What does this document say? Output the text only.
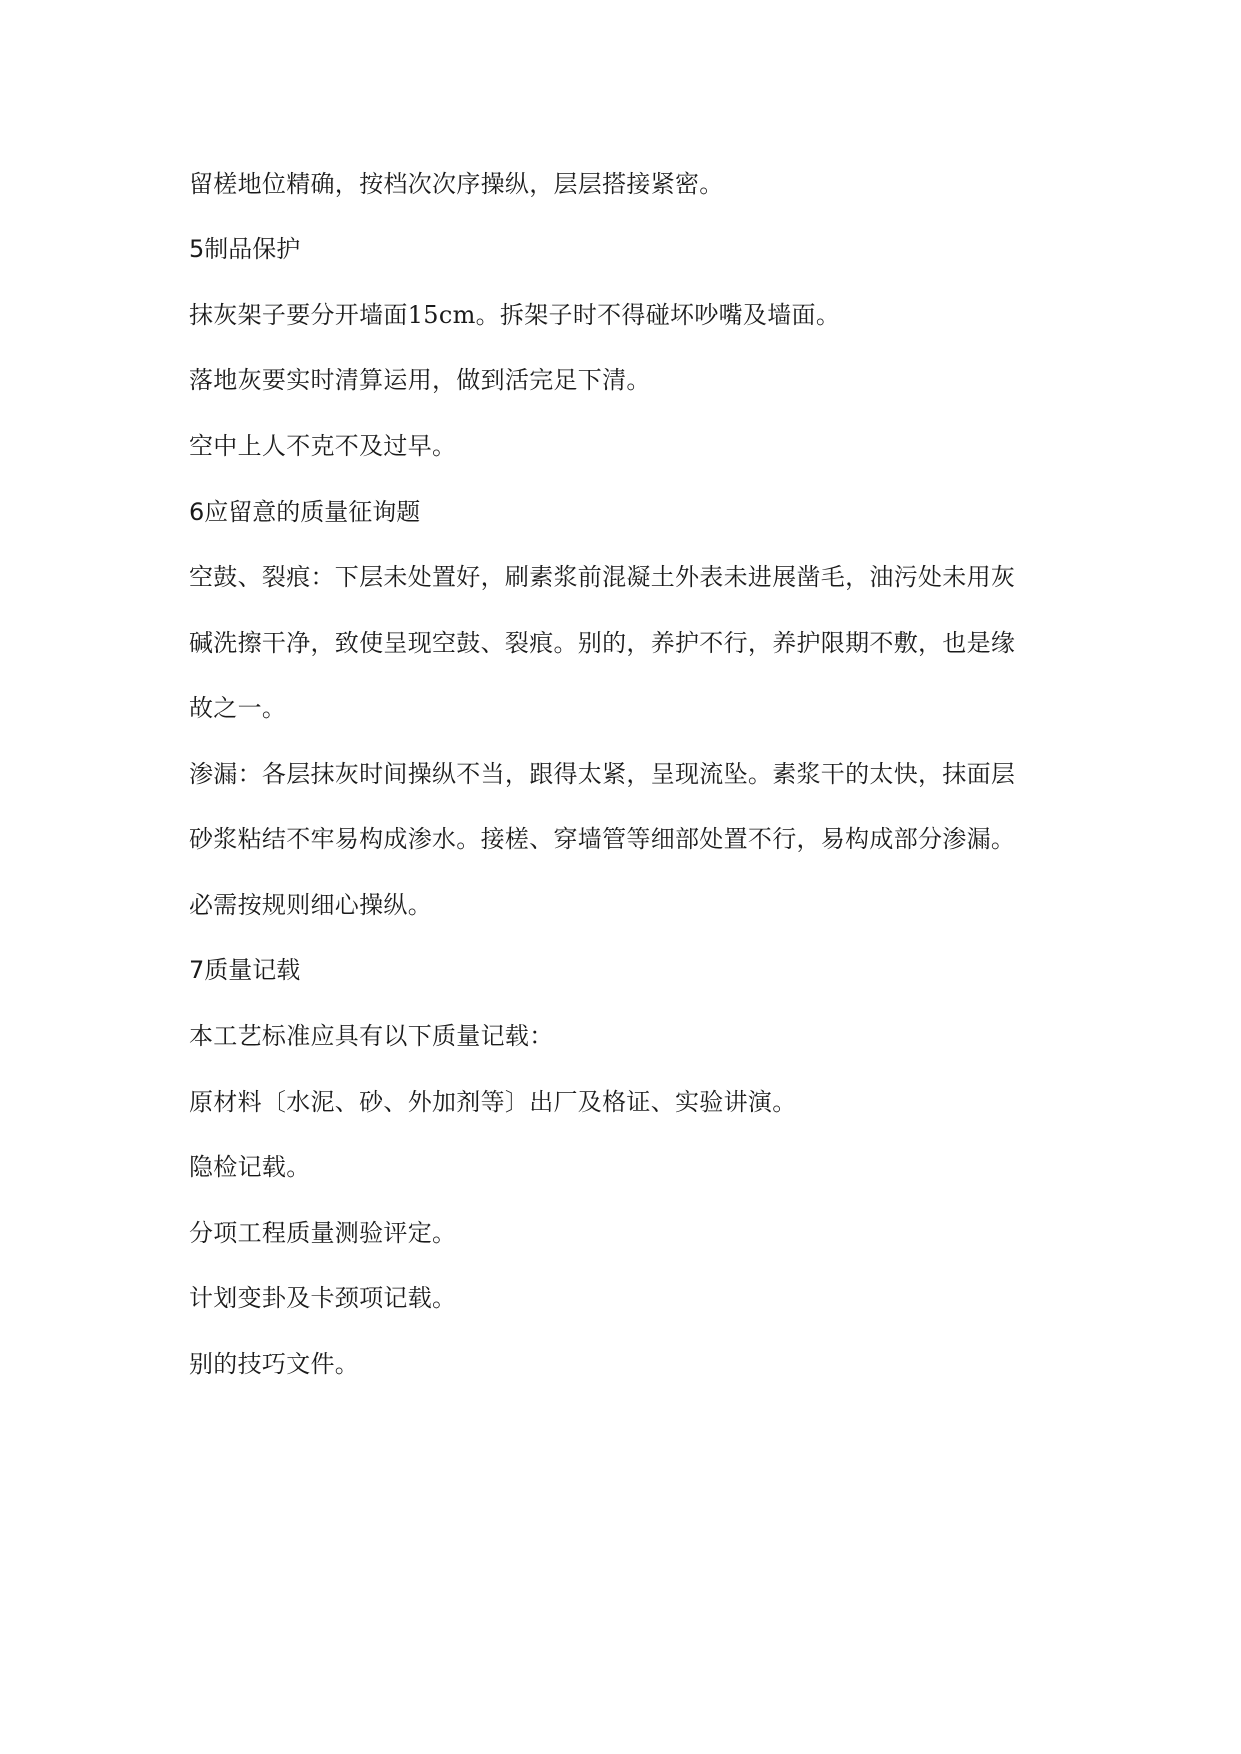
留槎地位精确，按档次次序操纵，层层搭接紧密。
5制品保护
抹灰架子要分开墙面15cm。拆架子时不得碰坏吵嘴及墙面。
落地灰要实时清算运用，做到活完足下清。
空中上人不克不及过早。
6应留意的质量征询题
空鼓、裂痕：下层未处置好，刷素浆前混凝土外表未进展凿毛，油污处未用灰
碱洗擦干净，致使呈现空鼓、裂痕。别的，养护不行，养护限期不敷，也是缘
故之一。
渗漏：各层抹灰时间操纵不当，跟得太紧，呈现流坠。素浆干的太快，抹面层
砂浆粘结不牢易构成渗水。接槎、穿墙管等细部处置不行，易构成部分渗漏。
必需按规则细心操纵。
7质量记载
本工艺标准应具有以下质量记载：
原材料〔水泥、砂、外加剂等〕出厂及格证、实验讲演。
隐检记载。
分项工程质量测验评定。
计划变卦及卡颈项记载。
别的技巧文件。
